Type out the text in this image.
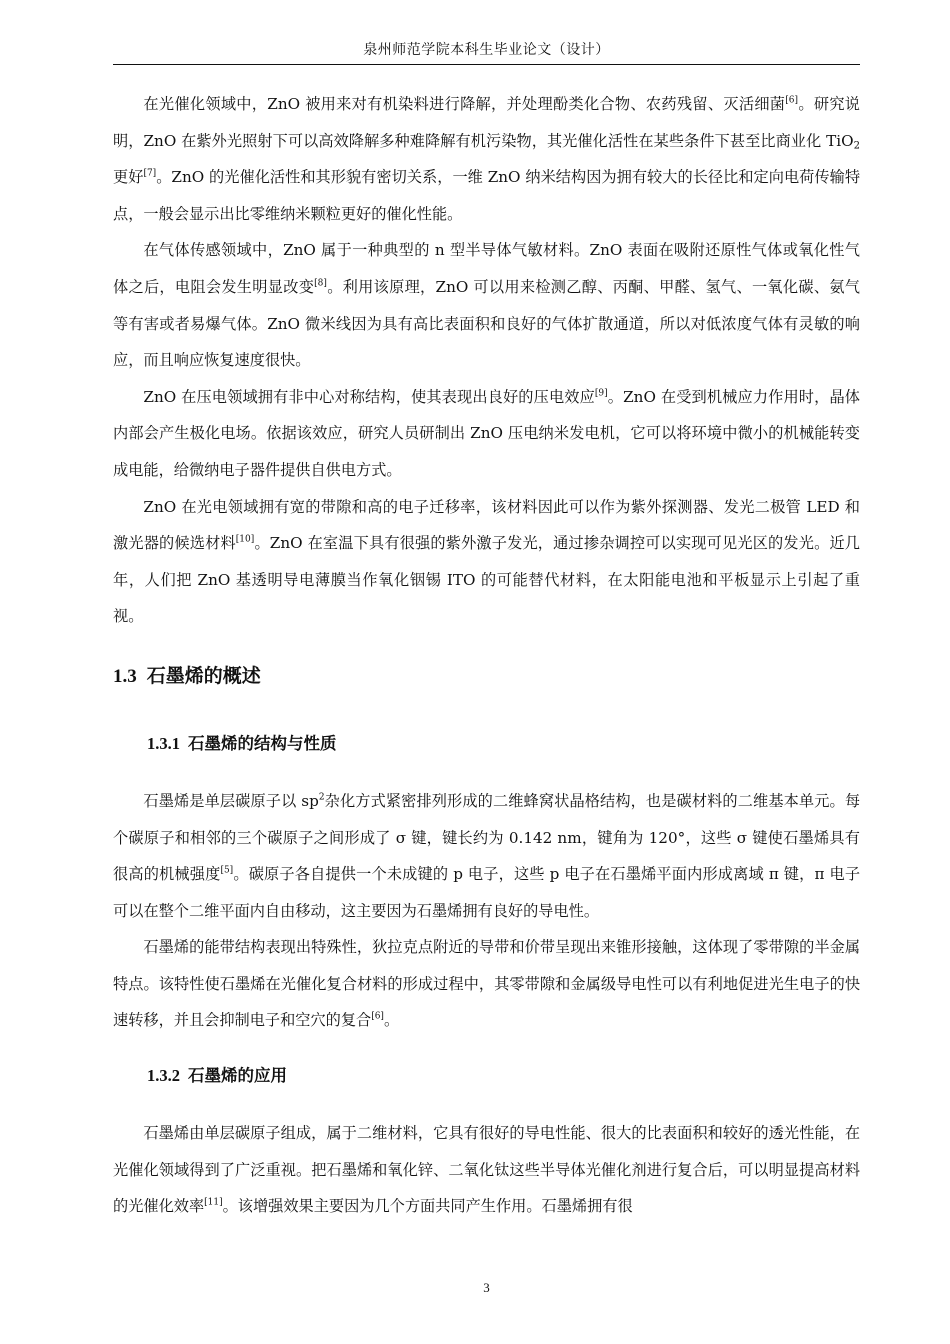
泉州师范学院本科生毕业论文（设计）

在光催化领域中，ZnO 被用来对有机染料进行降解，并处理酚类化合物、农药残留、灭活细菌[6]。研究说明，ZnO 在紫外光照射下可以高效降解多种难降解有机污染物，其光催化活性在某些条件下甚至比商业化 TiO$_2$更好[7]。ZnO 的光催化活性和其形貌有密切关系，一维 ZnO 纳米结构因为拥有较大的长径比和定向电荷传输特点，一般会显示出比零维纳米颗粒更好的催化性能。

在气体传感领域中，ZnO 属于一种典型的 n 型半导体气敏材料。ZnO 表面在吸附还原性气体或氧化性气体之后，电阻会发生明显改变[8]。利用该原理，ZnO 可以用来检测乙醇、丙酮、甲醛、氢气、一氧化碳、氨气等有害或者易爆气体。ZnO 微米线因为具有高比表面积和良好的气体扩散通道，所以对低浓度气体有灵敏的响应，而且响应恢复速度很快。

ZnO 在压电领域拥有非中心对称结构，使其表现出良好的压电效应[9]。ZnO 在受到机械应力作用时，晶体内部会产生极化电场。依据该效应，研究人员研制出 ZnO 压电纳米发电机，它可以将环境中微小的机械能转变成电能，给微纳电子器件提供自供电方式。

ZnO 在光电领域拥有宽的带隙和高的电子迁移率，该材料因此可以作为紫外探测器、发光二极管 LED 和激光器的候选材料[10]。ZnO 在室温下具有很强的紫外激子发光，通过掺杂调控可以实现可见光区的发光。近几年，人们把 ZnO 基透明导电薄膜当作氧化铟锡 ITO 的可能替代材料，在太阳能电池和平板显示上引起了重视。

1.3 石墨烯的概述
1.3.1 石墨烯的结构与性质

石墨烯是单层碳原子以 $sp^2$杂化方式紧密排列形成的二维蜂窝状晶格结构，也是碳材料的二维基本单元。每个碳原子和相邻的三个碳原子之间形成了 σ 键，键长约为 0.142 nm，键角为 120°，这些 σ 键使石墨烯具有很高的机械强度[5]。碳原子各自提供一个未成键的 p 电子，这些 p 电子在石墨烯平面内形成离域 π 键，π 电子可以在整个二维平面内自由移动，这主要因为石墨烯拥有良好的导电性。

石墨烯的能带结构表现出特殊性，狄拉克点附近的导带和价带呈现出来锥形接触，这体现了零带隙的半金属特点。该特性使石墨烯在光催化复合材料的形成过程中，其零带隙和金属级导电性可以有利地促进光生电子的快速转移，并且会抑制电子和空穴的复合[6]。

1.3.2 石墨烯的应用

石墨烯由单层碳原子组成，属于二维材料，它具有很好的导电性能、很大的比表面积和较好的透光性能，在光催化领域得到了广泛重视。把石墨烯和氧化锌、二氧化钛这些半导体光催化剂进行复合后，可以明显提高材料的光催化效率[11]。该增强效果主要因为几个方面共同产生作用。石墨烯拥有很

3
